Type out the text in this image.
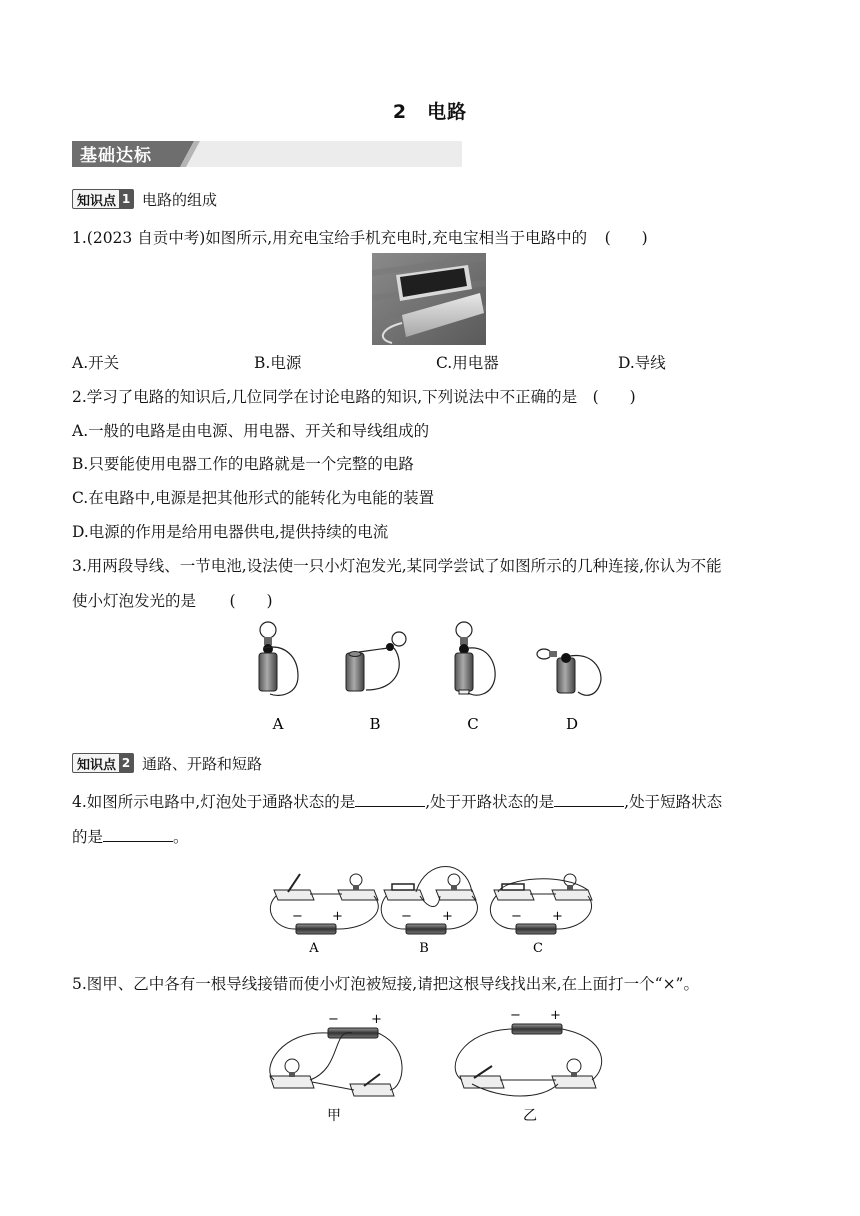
2　电路
基础达标
知识点 1 电路的组成
1.(2023 自贡中考)如图所示,用充电宝给手机充电时,充电宝相当于电路中的 (　　)
A.开关	B.电源	C.用电器	D.导线
2.学习了电路的知识后,几位同学在讨论电路的知识,下列说法中不正确的是 (　　)
A.一般的电路是由电源、用电器、开关和导线组成的
B.只要能使用电器工作的电路就是一个完整的电路
C.在电路中,电源是把其他形式的能转化为电能的装置
D.电源的作用是给用电器供电,提供持续的电流
3.用两段导线、一节电池,设法使一只小灯泡发光,某同学尝试了如图所示的几种连接,你认为不能
使小灯泡发光的是 (　　)
A	B	C	D
知识点 2 通路、开路和短路
4.如图所示电路中,灯泡处于通路状态的是	,处于开路状态的是	,处于短路状态
的是	。
− +
A
− +
B
− +
C
5.图甲、乙中各有一根导线接错而使小灯泡被短接,请把这根导线找出来,在上面打一个“×”。
− +
甲
− +
乙
